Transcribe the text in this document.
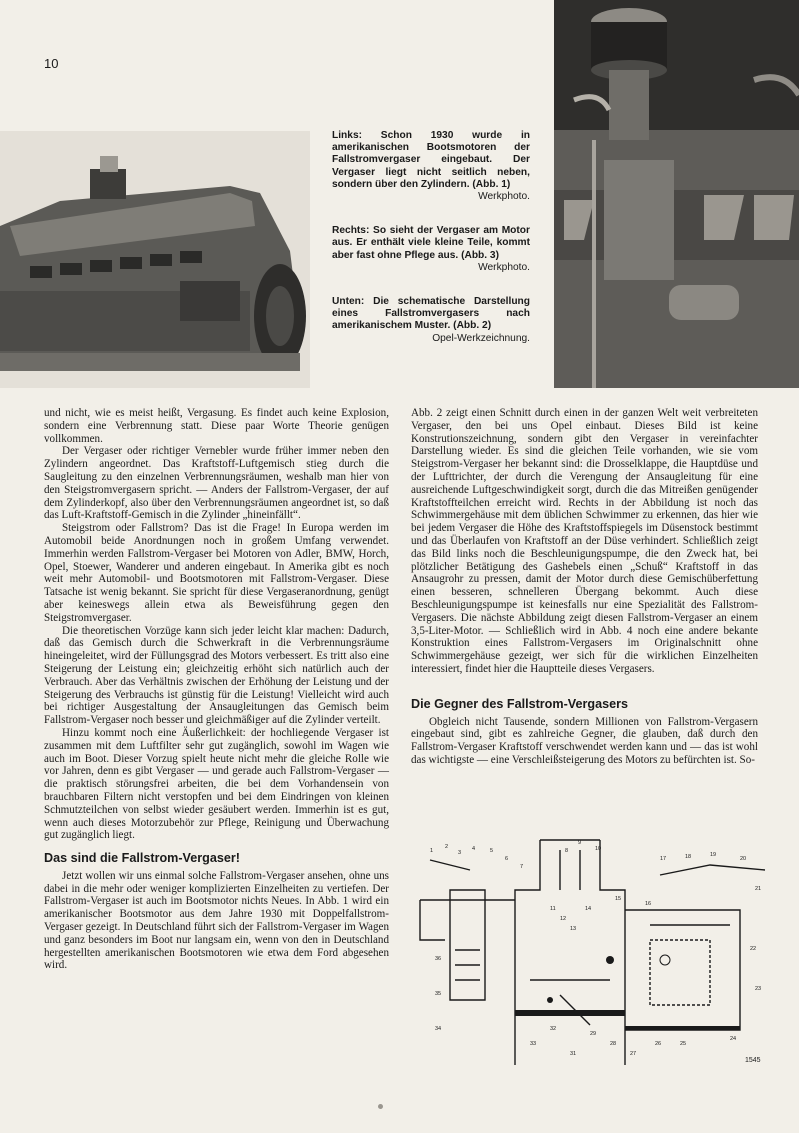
10

Links: Schon 1930 wurde in amerikanischen Bootsmotoren der Fallstromvergaser eingebaut. Der Vergaser liegt nicht seitlich neben, sondern über den Zylindern. (Abb. 1)
Werkphoto.

Rechts: So sieht der Vergaser am Motor aus. Er enthält viele kleine Teile, kommt aber fast ohne Pflege aus. (Abb. 3)
Werkphoto.

Unten: Die schematische Darstellung eines Fallstromvergasers nach amerikanischem Muster. (Abb. 2)
Opel-Werkzeichnung.

und nicht, wie es meist heißt, Vergasung. Es findet auch keine Explosion, sondern eine Verbrennung statt. Diese paar Worte Theorie genügen vollkommen.

Der Vergaser oder richtiger Vernebler wurde früher immer neben den Zylindern angeordnet. Das Kraftstoff-Luftgemisch stieg durch die Saugleitung zu den einzelnen Verbrennungsräumen, weshalb man hier von den Steigstromvergasern spricht. — Anders der Fallstrom-Vergaser, der auf dem Zylinderkopf, also über den Verbrennungsräumen angeordnet ist, so daß das Luft-Kraftstoff-Gemisch in die Zylinder „hineinfällt“.

Steigstrom oder Fallstrom? Das ist die Frage! In Europa werden im Automobil beide Anordnungen noch in großem Umfang verwendet. Immerhin werden Fallstrom-Vergaser bei Motoren von Adler, BMW, Horch, Opel, Stoewer, Wanderer und anderen eingebaut. In Amerika gibt es noch weit mehr Automobil- und Bootsmotoren mit Fallstrom-Vergaser. Diese Tatsache ist wenig bekannt. Sie spricht für diese Vergaseranordnung, genügt aber keineswegs allein etwa als Beweisführung gegen den Steigstromvergaser.

Die theoretischen Vorzüge kann sich jeder leicht klar machen: Dadurch, daß das Gemisch durch die Schwerkraft in die Verbrennungsräume hineingeleitet, wird der Füllungsgrad des Motors verbessert. Es tritt also eine Steigerung der Leistung ein; gleichzeitig erhöht sich natürlich auch der Verbrauch. Aber das Verhältnis zwischen der Erhöhung der Leistung und der Steigerung des Verbrauchs ist günstig für die Leistung! Vielleicht wird auch bei richtiger Ausgestaltung der Ansaugleitungen das Gemisch beim Fallstrom-Vergaser noch besser und gleichmäßiger auf die Zylinder verteilt.

Hinzu kommt noch eine Äußerlichkeit: der hochliegende Vergaser ist zusammen mit dem Luftfilter sehr gut zugänglich, sowohl im Wagen wie auch im Boot. Dieser Vorzug spielt heute nicht mehr die gleiche Rolle wie vor Jahren, denn es gibt Vergaser — und gerade auch Fallstrom-Vergaser — die praktisch störungsfrei arbeiten, die bei dem Vorhandensein von brauchbaren Filtern nicht verstopfen und bei dem Eindringen von kleinen Schmutzteilchen von selbst wieder gesäubert werden. Immerhin ist es gut, wenn auch dieses Motorzubehör zur Pflege, Reinigung und Überwachung gut zugänglich liegt.

Das sind die Fallstrom-Vergaser!

Jetzt wollen wir uns einmal solche Fallstrom-Vergaser ansehen, ohne uns dabei in die mehr oder weniger komplizierten Einzelheiten zu vertiefen. Der Fallstrom-Vergaser ist auch im Bootsmotor nichts Neues. In Abb. 1 wird ein amerikanischer Bootsmotor aus dem Jahre 1930 mit Doppelfallstrom-Vergaser gezeigt. In Deutschland führt sich der Fallstrom-Vergaser im Wagen und ganz besonders im Boot nur langsam ein, wenn von den in Deutschland hergestellten amerikanischen Bootsmotoren wie etwa dem Ford abgesehen wird.

Abb. 2 zeigt einen Schnitt durch einen in der ganzen Welt weit verbreiteten Vergaser, den bei uns Opel einbaut. Dieses Bild ist keine Konstrutionszeichnung, sondern gibt den Vergaser in vereinfachter Darstellung wieder. Es sind die gleichen Teile vorhanden, wie sie vom Steigstrom-Vergaser her bekannt sind: die Drosselklappe, die Hauptdüse und der Lufttrichter, der durch die Verengung der Ansaugleitung für eine ausreichende Luftgeschwindigkeit sorgt, durch die das Mitreißen genügender Kraftstoffteilchen erreicht wird. Rechts in der Abbildung ist noch das Schwimmergehäuse mit dem üblichen Schwimmer zu erkennen, das hier wie bei jedem Vergaser die Höhe des Kraftstoffspiegels im Düsenstock bestimmt und das Überlaufen von Kraftstoff an der Düse verhindert. Schließlich zeigt das Bild links noch die Beschleunigungspumpe, die den Zweck hat, bei plötzlicher Betätigung des Gashebels einen „Schuß“ Kraftstoff in das Ansaugrohr zu pressen, damit der Motor durch diese Gemischüberfettung einen besseren, schnelleren Übergang bekommt. Auch diese Beschleunigungspumpe ist keinesfalls nur eine Spezialität des Fallstrom-Vergasers. Die nächste Abbildung zeigt diesen Fallstrom-Vergaser an einem 3,5-Liter-Motor. — Schließlich wird in Abb. 4 noch eine andere bekante Konstruktion eines Fallstrom-Vergasers im Originalschnitt ohne Schwimmergehäuse gezeigt, wer sich für die wirklichen Einzelheiten interessiert, findet hier die Hauptteile dieses Vergasers.

Die Gegner des Fallstrom-Vergasers

Obgleich nicht Tausende, sondern Millionen von Fallstrom-Vergasern eingebaut sind, gibt es zahlreiche Gegner, die glauben, daß durch den Fallstrom-Vergaser Kraftstoff verschwendet werden kann und — das ist wohl das wichtigste — eine Verschleißsteigerung des Motors zu befürchten ist. So-

1
2
3
4	5
6
7
8
9
10
11
12
13
14
15
16
17	18	19
20
21
22
23
24
25
26
27
28
29
31
32
33
34
35
36
1545
